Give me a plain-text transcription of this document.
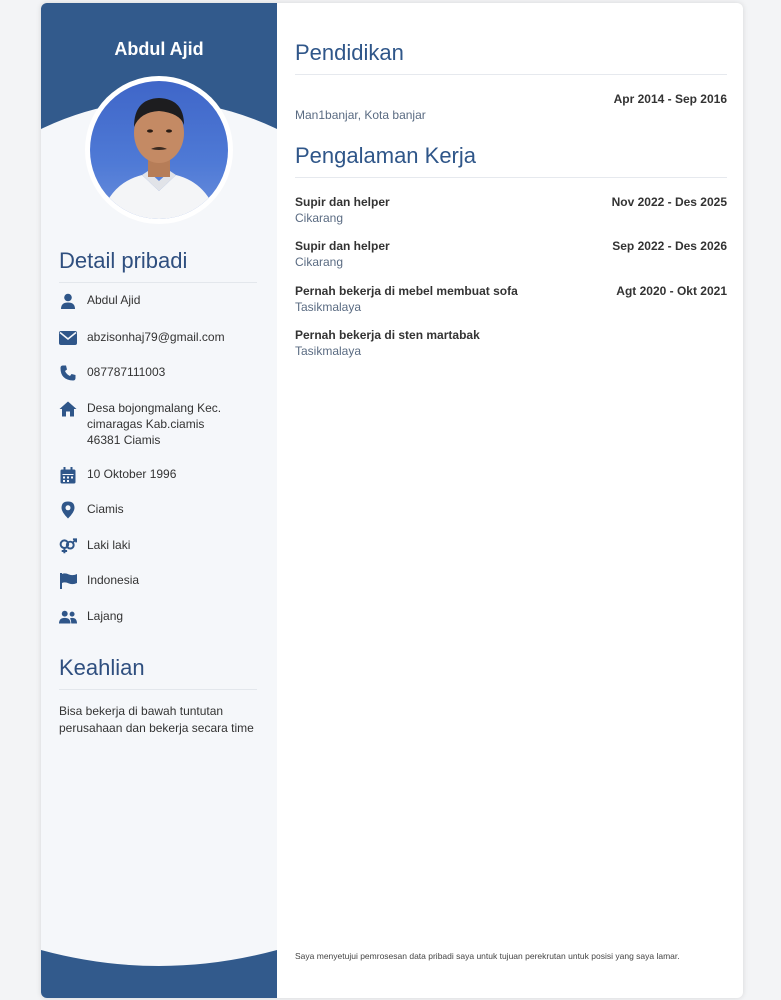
Abdul Ajid
Detail pribadi
Abdul Ajid
abzisonhaj79@gmail.com
087787111003
Desa bojongmalang Kec.
cimaragas Kab.ciamis
46381 Ciamis
10 Oktober 1996
Ciamis
Laki laki
Indonesia
Lajang
Keahlian
Bisa bekerja di bawah tuntutan
perusahaan dan bekerja secara time
Pendidikan
Apr 2014 - Sep 2016
Man1banjar, Kota banjar
Pengalaman Kerja
Supir dan helper	Nov 2022 - Des 2025
Cikarang
Supir dan helper	Sep 2022 - Des 2026
Cikarang
Pernah bekerja di mebel membuat sofa	Agt 2020 - Okt 2021
Tasikmalaya
Pernah bekerja di sten martabak
Tasikmalaya
Saya menyetujui pemrosesan data pribadi saya untuk tujuan perekrutan untuk posisi yang saya lamar.
